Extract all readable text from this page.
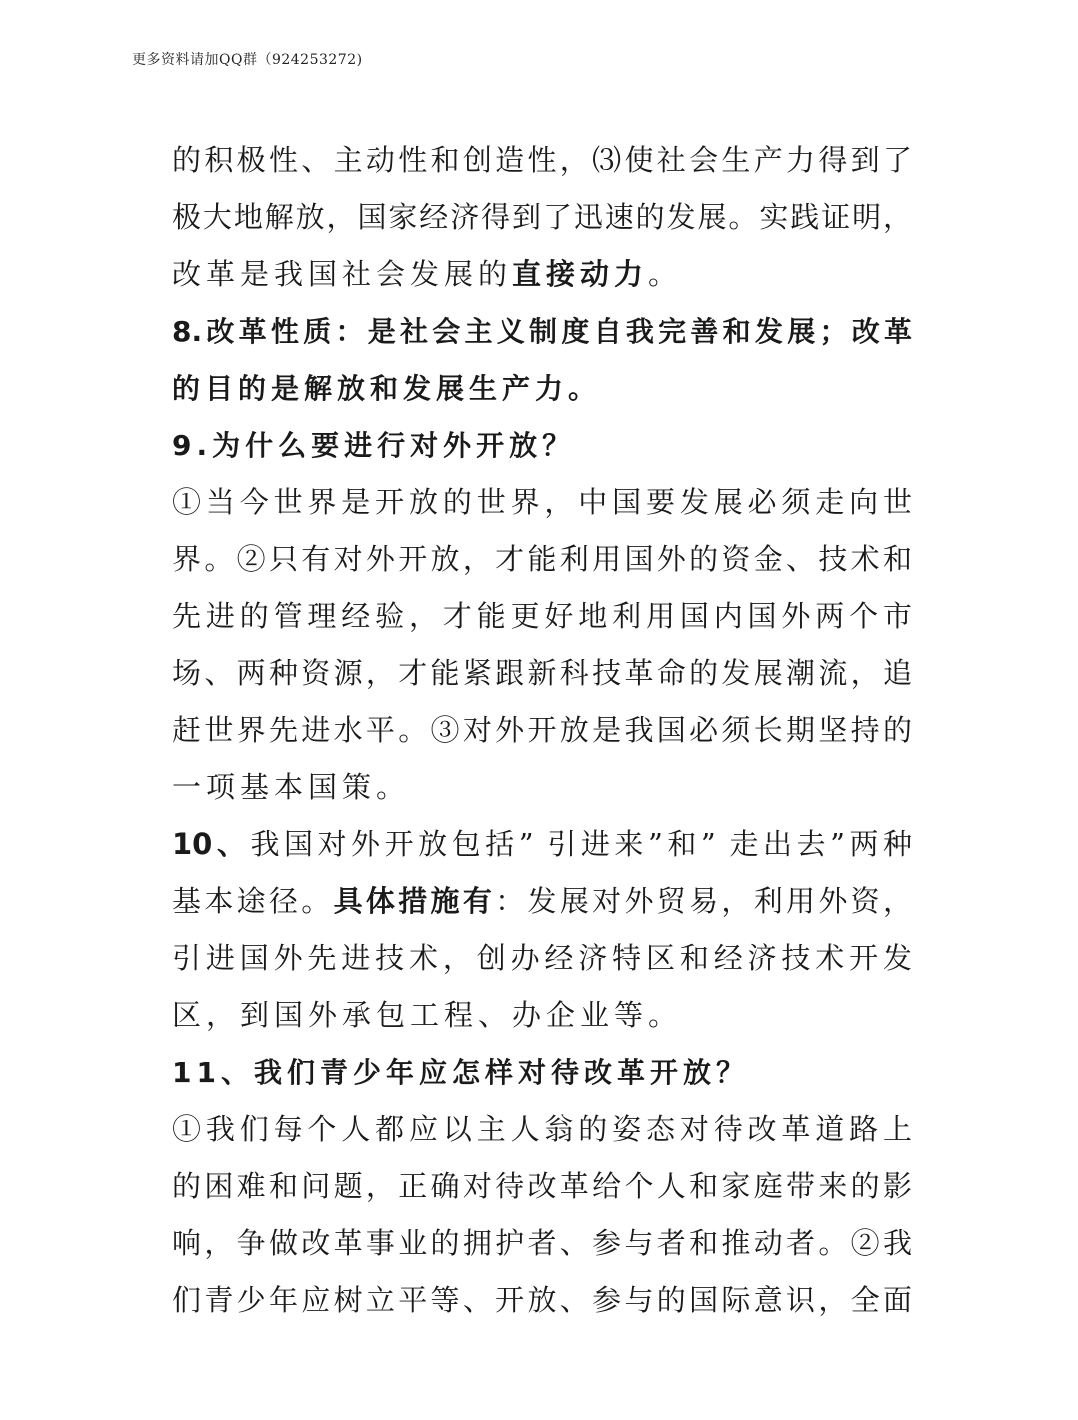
更多资料请加QQ群（924253272)
的积极性、主动性和创造性，⑶使社会生产力得到了
极大地解放，国家经济得到了迅速的发展。实践证明，
改革是我国社会发展的直接动力。
8.改革性质：是社会主义制度自我完善和发展；改革
的目的是解放和发展生产力。
9.为什么要进行对外开放？
①当今世界是开放的世界，中国要发展必须走向世
界。②只有对外开放，才能利用国外的资金、技术和
先进的管理经验，才能更好地利用国内国外两个市
场、两种资源，才能紧跟新科技革命的发展潮流，追
赶世界先进水平。③对外开放是我国必须长期坚持的
一项基本国策。
10、我国对外开放包括” 引进来”和” 走出去”两种
基本途径。具体措施有：发展对外贸易，利用外资，
引进国外先进技术，创办经济特区和经济技术开发
区，到国外承包工程、办企业等。
11、我们青少年应怎样对待改革开放？
①我们每个人都应以主人翁的姿态对待改革道路上
的困难和问题，正确对待改革给个人和家庭带来的影
响，争做改革事业的拥护者、参与者和推动者。②我
们青少年应树立平等、开放、参与的国际意识，全面
